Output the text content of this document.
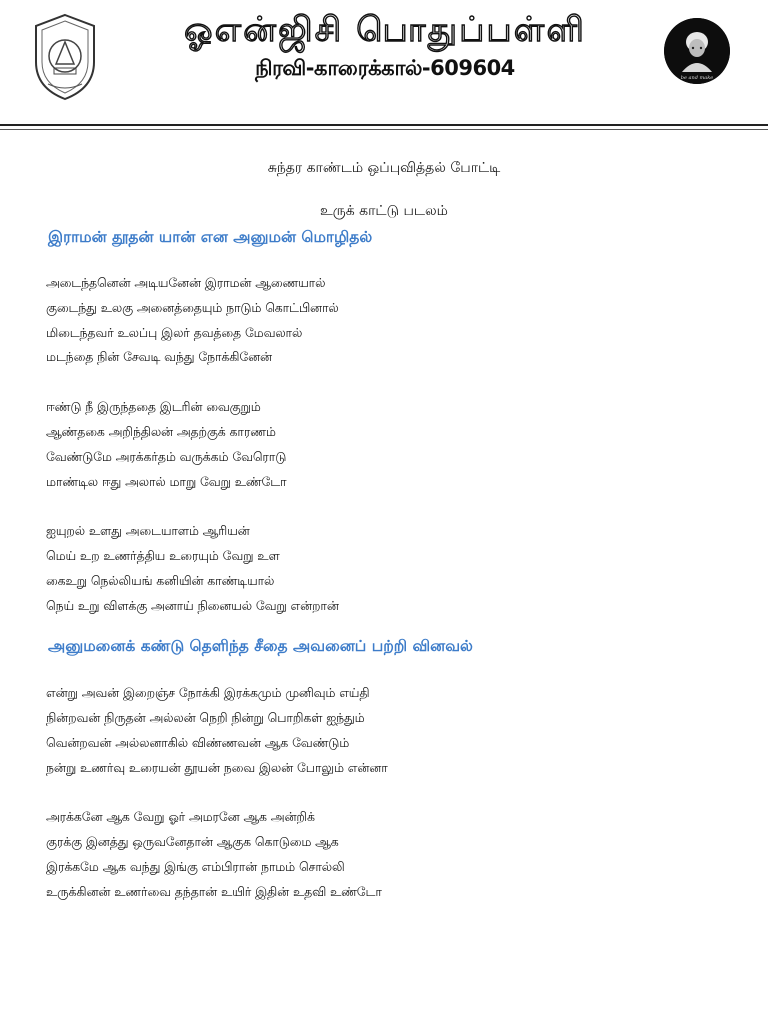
ஓஎன்ஜிசி பொதுப்பள்ளி
நிரவி-காரைக்கால்-609604	be and make
சுந்தர காண்டம் ஒப்புவித்தல் போட்டி
உருக் காட்டு படலம்
இராமன் தூதன் யான் என அனுமன் மொழிதல்
அடைந்தனென் அடியனேன் இராமன் ஆணையால்
குடைந்து உலகு அனைத்தையும் நாடும் கொட்பினால்
மிடைந்தவர் உலப்பு இலர் தவத்தை மேவலால்
மடந்தை நின் சேவடி வந்து நோக்கினேன்
ஈண்டு நீ இருந்ததை இடரின் வைகுறும்
ஆண்தகை அறிந்திலன் அதற்குக் காரணம்
வேண்டுமே அரக்கர்தம் வருக்கம் வேரொடு
மாண்டில ஈது அலால் மாறு வேறு உண்டோ
ஐயுறல் உளது அடையாளம் ஆரியன்
மெய் உற உணர்த்திய உரையும் வேறு உள
கைஉறு நெல்லியங் கனியின் காண்டியால்
நெய் உறு விளக்கு அனாய் நினையல் வேறு என்றான்
அனுமனைக் கண்டு தெளிந்த சீதை அவனைப் பற்றி வினவல்
என்று அவன் இறைஞ்ச நோக்கி இரக்கமும் முனிவும் எய்தி
நின்றவன் நிருதன் அல்லன் நெறி நின்று பொறிகள் ஐந்தும்
வென்றவன் அல்லனாகில் விண்ணவன் ஆக வேண்டும்
நன்று உணர்வு உரையன் தூயன் நவை இலன் போலும் என்னா
அரக்கனே ஆக வேறு ஓர் அமரனே ஆக அன்றிக்
குரக்கு இனத்து ஒருவனேதான் ஆகுக கொடுமை ஆக
இரக்கமே ஆக வந்து இங்கு எம்பிரான் நாமம் சொல்லி
உருக்கினன் உணர்வை தந்தான் உயிர் இதின் உதவி உண்டோ
